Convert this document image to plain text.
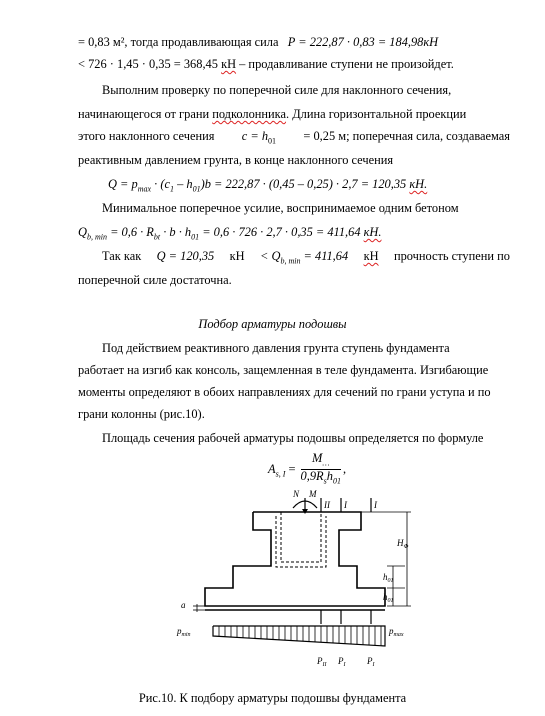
= 0,83 м², тогда продавливающая сила P = 222,87 · 0,83 = 184,98кН
< 726 · 1,45 · 0,35 = 368,45 кН – продавливание ступени не произойдет.
Выполним проверку по поперечной силе для наклонного сечения,
начинающегося от грани подколонника. Длина горизонтальной проекции
этого наклонного сечения $c = h_{01} = 0,25$ м; поперечная сила, создаваемая
реактивным давлением грунта, в конце наклонного сечения
$Q = p_{max} \cdot (c_1 - h_{01})b = 222,87 \cdot (0,45 - 0,25) \cdot 2,7 = 120,35$ кН.
Минимальное поперечное усилие, воспринимаемое одним бетоном
$Q_{b, min} = 0,6 \cdot R_{bt} \cdot b \cdot h_{01} = 0,6 \cdot 726 \cdot 2,7 \cdot 0,35 = 411,64$ кН.
Так как Q = 120,35 кН < $Q_{b, min} = 411,64$ кН прочность ступени по
поперечной силе достаточна.
Подбор арматуры подошвы
Под действием реактивного давления грунта ступень фундамента
работает на изгиб как консоль, защемленная в теле фундамента. Изгибающие
моменты определяют в обоих направлениях для сечений по грани уступа и по
грани колонны (рис.10).
Площадь сечения рабочей арматуры подошвы определяется по формуле
$A_{s, I} = \frac{M_\dots}{0,9R_sh_{01}}$ ,
N M
II I	I
$H_Ф$
$h_{01}$
$h_{01}$
a
$p_{min}$	$p_{max}$
$P_{II}$ $P_I$ $P_I$
Рис.10. К подбору арматуры подошвы фундамента
